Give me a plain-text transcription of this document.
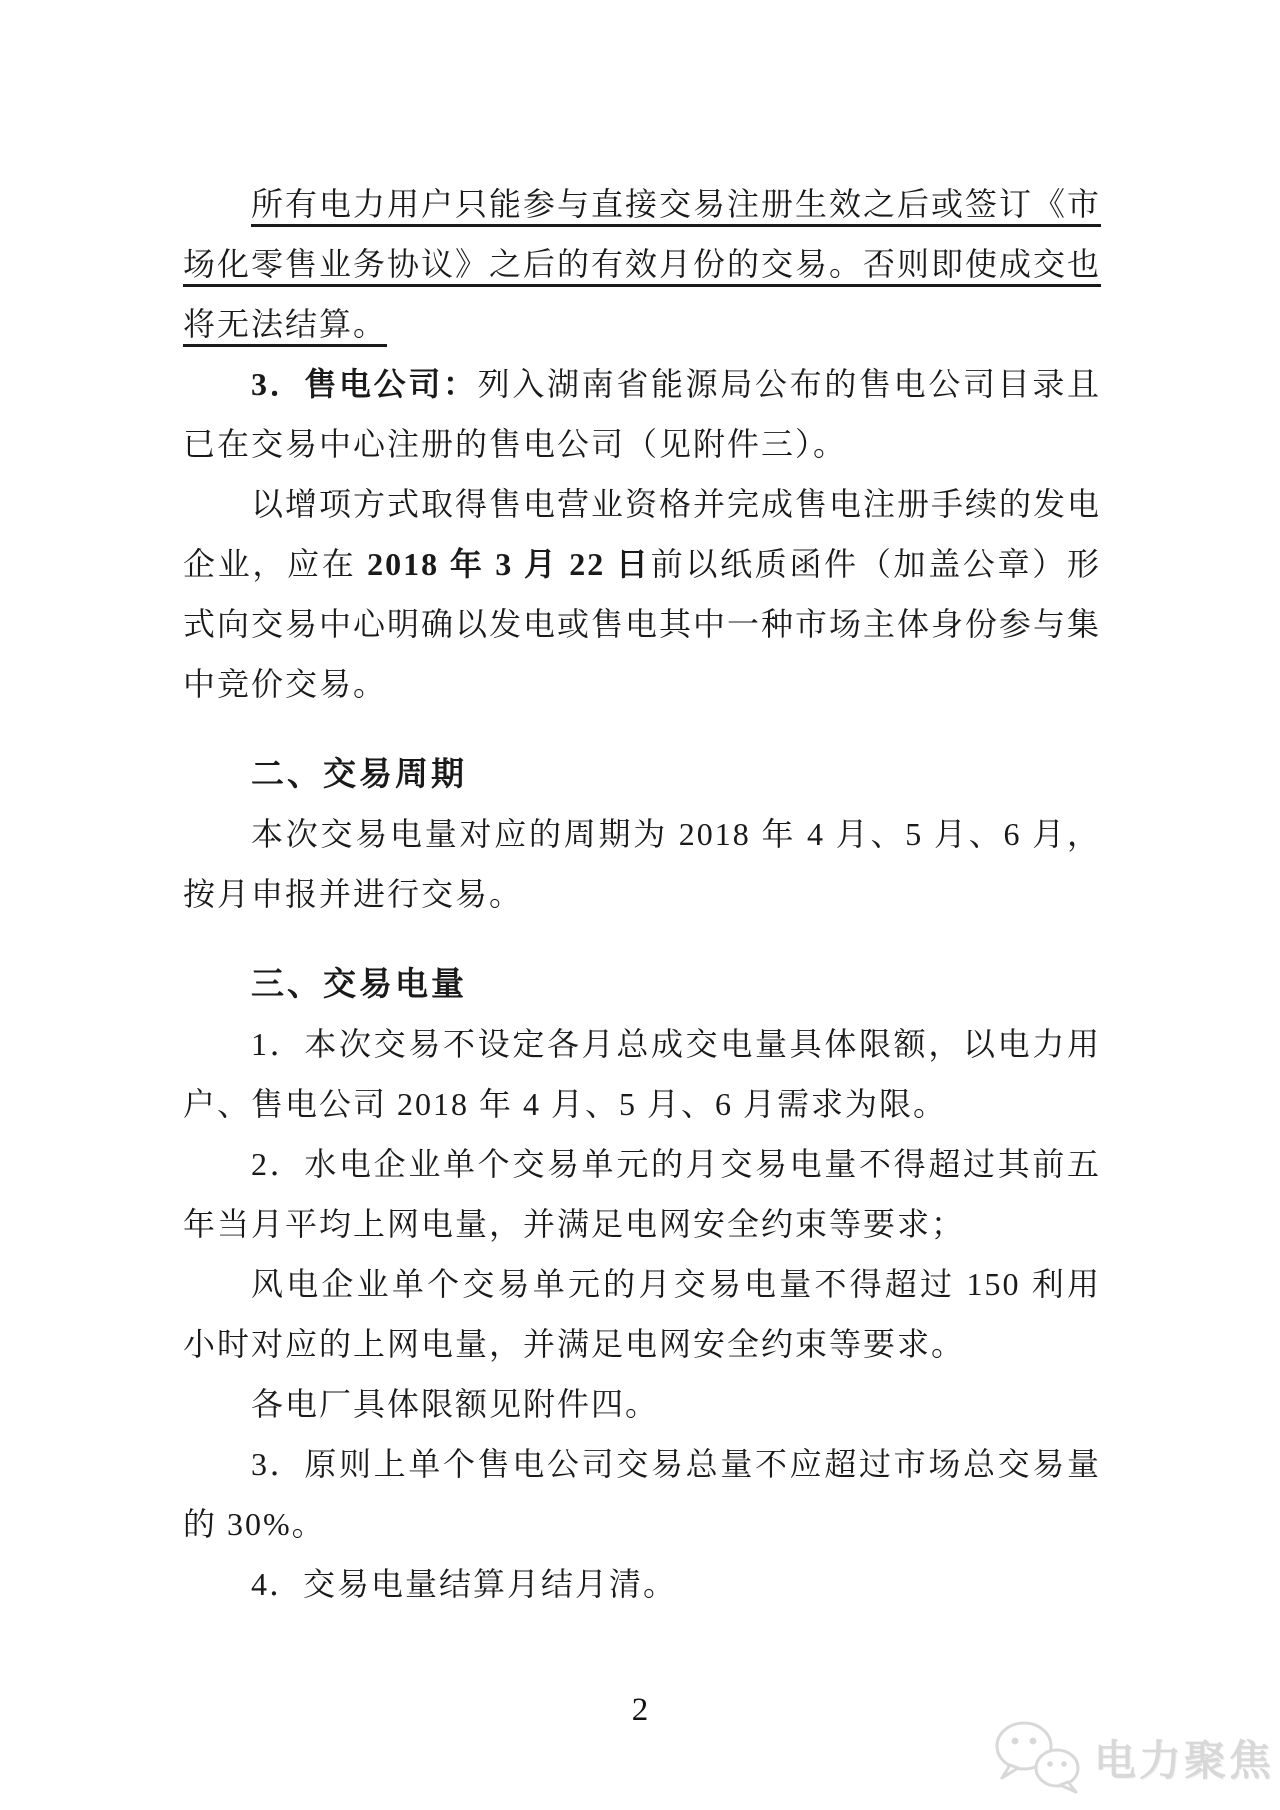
所有电力用户只能参与直接交易注册生效之后或签订《市场化零售业务协议》之后的有效月份的交易。否则即使成交也将无法结算。

3．售电公司：列入湖南省能源局公布的售电公司目录且已在交易中心注册的售电公司（见附件三）。

以增项方式取得售电营业资格并完成售电注册手续的发电企业，应在 2018 年 3 月 22 日前以纸质函件（加盖公章）形式向交易中心明确以发电或售电其中一种市场主体身份参与集中竞价交易。

二、交易周期

本次交易电量对应的周期为 2018 年 4 月、5 月、6 月，按月申报并进行交易。

三、交易电量

1．本次交易不设定各月总成交电量具体限额，以电力用户、售电公司 2018 年 4 月、5 月、6 月需求为限。

2．水电企业单个交易单元的月交易电量不得超过其前五年当月平均上网电量，并满足电网安全约束等要求；

风电企业单个交易单元的月交易电量不得超过 150 利用小时对应的上网电量，并满足电网安全约束等要求。

各电厂具体限额见附件四。

3．原则上单个售电公司交易总量不应超过市场总交易量的 30%。

4．交易电量结算月结月清。

2
电力聚焦
